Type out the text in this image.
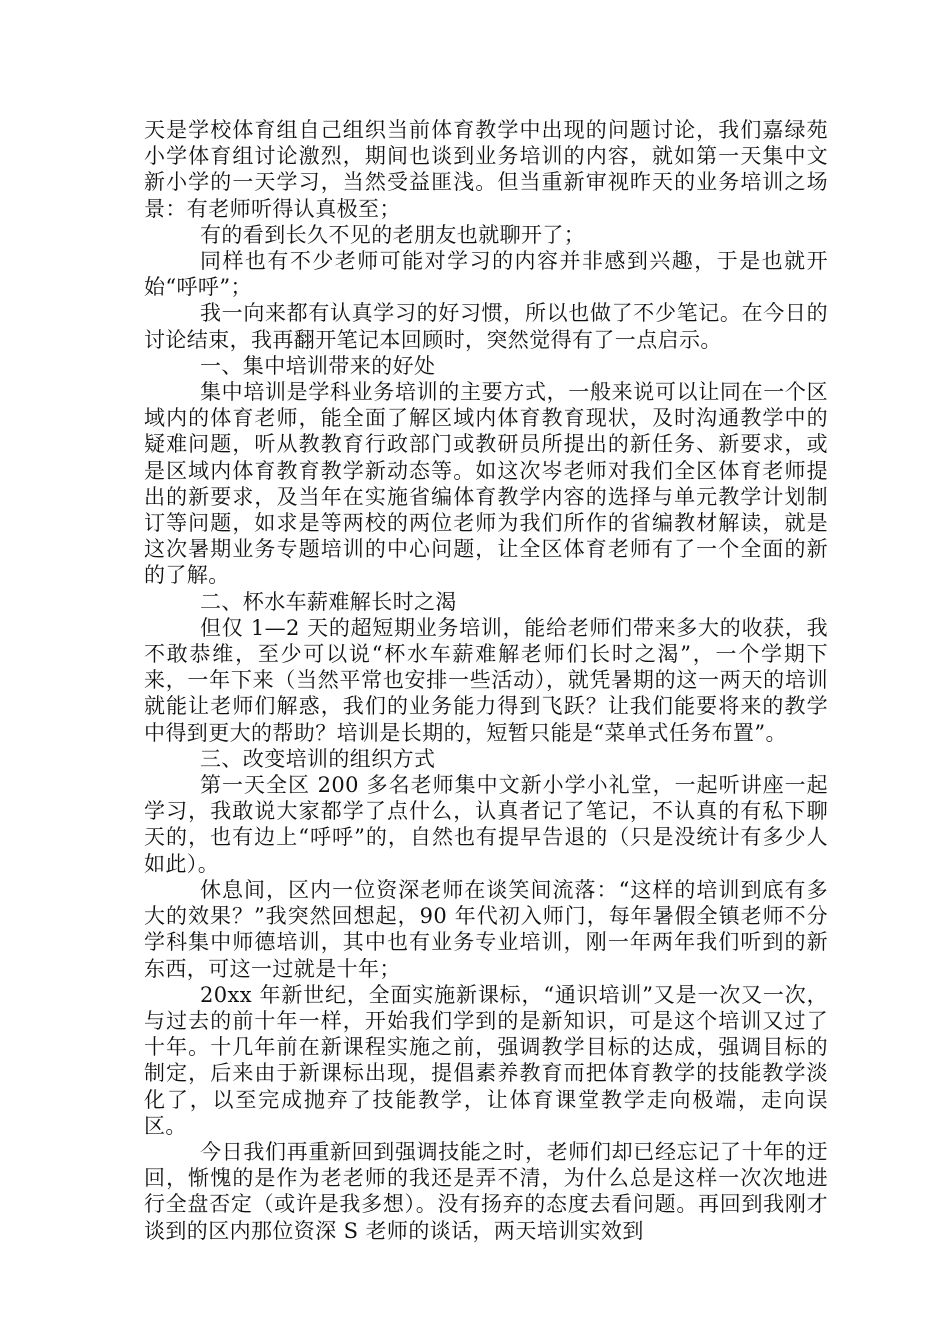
天是学校体育组自己组织当前体育教学中出现的问题讨论，我们嘉绿苑小学体育组讨论激烈，期间也谈到业务培训的内容，就如第一天集中文新小学的一天学习，当然受益匪浅。但当重新审视昨天的业务培训之场景：有老师听得认真极至；

有的看到长久不见的老朋友也就聊开了；

同样也有不少老师可能对学习的内容并非感到兴趣，于是也就开始“呼呼”；

我一向来都有认真学习的好习惯，所以也做了不少笔记。在今日的讨论结束，我再翻开笔记本回顾时，突然觉得有了一点启示。

一、集中培训带来的好处

集中培训是学科业务培训的主要方式，一般来说可以让同在一个区域内的体育老师，能全面了解区域内体育教育现状，及时沟通教学中的疑难问题，听从教教育行政部门或教研员所提出的新任务、新要求，或是区域内体育教育教学新动态等。如这次岑老师对我们全区体育老师提出的新要求，及当年在实施省编体育教学内容的选择与单元教学计划制订等问题，如求是等两校的两位老师为我们所作的省编教材解读，就是这次暑期业务专题培训的中心问题，让全区体育老师有了一个全面的新的了解。

二、杯水车薪难解长时之渴

但仅 1—2 天的超短期业务培训，能给老师们带来多大的收获，我不敢恭维，至少可以说“杯水车薪难解老师们长时之渴”，一个学期下来，一年下来（当然平常也安排一些活动），就凭暑期的这一两天的培训就能让老师们解惑，我们的业务能力得到飞跃？让我们能要将来的教学中得到更大的帮助？培训是长期的，短暂只能是“菜单式任务布置”。

三、改变培训的组织方式

第一天全区 200 多名老师集中文新小学小礼堂，一起听讲座一起学习，我敢说大家都学了点什么，认真者记了笔记，不认真的有私下聊天的，也有边上“呼呼”的，自然也有提早告退的（只是没统计有多少人如此）。

休息间，区内一位资深老师在谈笑间流落：“这样的培训到底有多大的效果？”我突然回想起，90 年代初入师门，每年暑假全镇老师不分学科集中师德培训，其中也有业务专业培训，刚一年两年我们听到的新东西，可这一过就是十年；

20xx 年新世纪，全面实施新课标，“通识培训”又是一次又一次，与过去的前十年一样，开始我们学到的是新知识，可是这个培训又过了十年。十几年前在新课程实施之前，强调教学目标的达成，强调目标的制定，后来由于新课标出现，提倡素养教育而把体育教学的技能教学淡化了，以至完成抛弃了技能教学，让体育课堂教学走向极端，走向误区。

今日我们再重新回到强调技能之时，老师们却已经忘记了十年的迂回，惭愧的是作为老老师的我还是弄不清，为什么总是这样一次次地进行全盘否定（或许是我多想）。没有扬弃的态度去看问题。再回到我刚才谈到的区内那位资深 S 老师的谈话，两天培训实效到
